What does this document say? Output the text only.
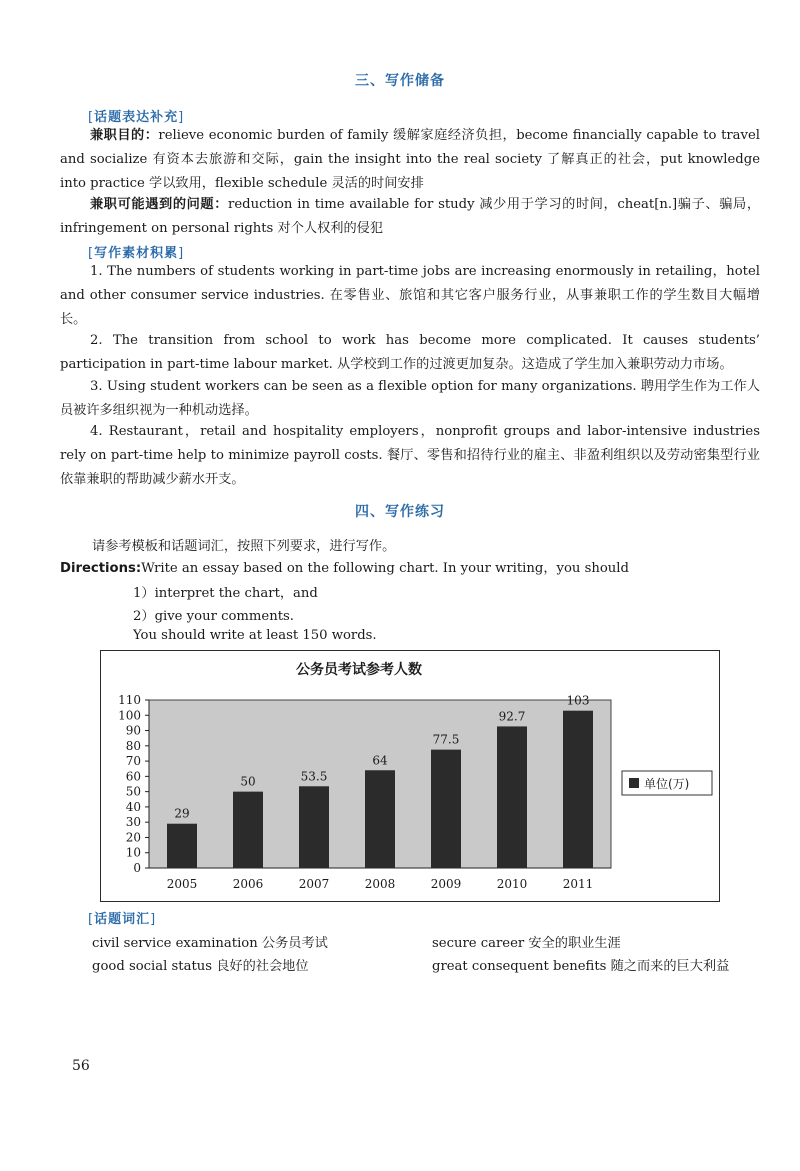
三、写作储备
[话题表达补充]

兼职目的：relieve economic burden of family 缓解家庭经济负担，become financially capable to travel and socialize 有资本去旅游和交际，gain the insight into the real society 了解真正的社会，put knowledge into practice 学以致用，flexible schedule 灵活的时间安排

兼职可能遇到的问题：reduction in time available for study 减少用于学习的时间，cheat[n.]骗子、骗局，infringement on personal rights 对个人权利的侵犯

[写作素材积累]

1. The numbers of students working in part-time jobs are increasing enormously in retailing，hotel and other consumer service industries. 在零售业、旅馆和其它客户服务行业，从事兼职工作的学生数目大幅增长。

2. The transition from school to work has become more complicated. It causes students’ participation in part-time labour market. 从学校到工作的过渡更加复杂。这造成了学生加入兼职劳动力市场。

3. Using student workers can be seen as a flexible option for many organizations. 聘用学生作为工作人员被许多组织视为一种机动选择。

4. Restaurant，retail and hospitality employers，nonprofit groups and labor-intensive industries rely on part-time help to minimize payroll costs. 餐厅、零售和招待行业的雇主、非盈利组织以及劳动密集型行业依靠兼职的帮助减少薪水开支。

四、写作练习

请参考模板和话题词汇，按照下列要求，进行写作。

Directions:Write an essay based on the following chart. In your writing，you should

1）interpret the chart，and
2）give your comments.
You should write at least 150 words.
公务员考试参考人数
0
10
20
30
40
50
60
70
80
90
100
110
29
2005
50
2006
53.5
2007
64
2008
77.5
2009
92.7
2010
103
2011
单位(万)
[话题词汇]
civil service examination 公务员考试	secure career 安全的职业生涯
good social status 良好的社会地位	great consequent benefits 随之而来的巨大利益
56
